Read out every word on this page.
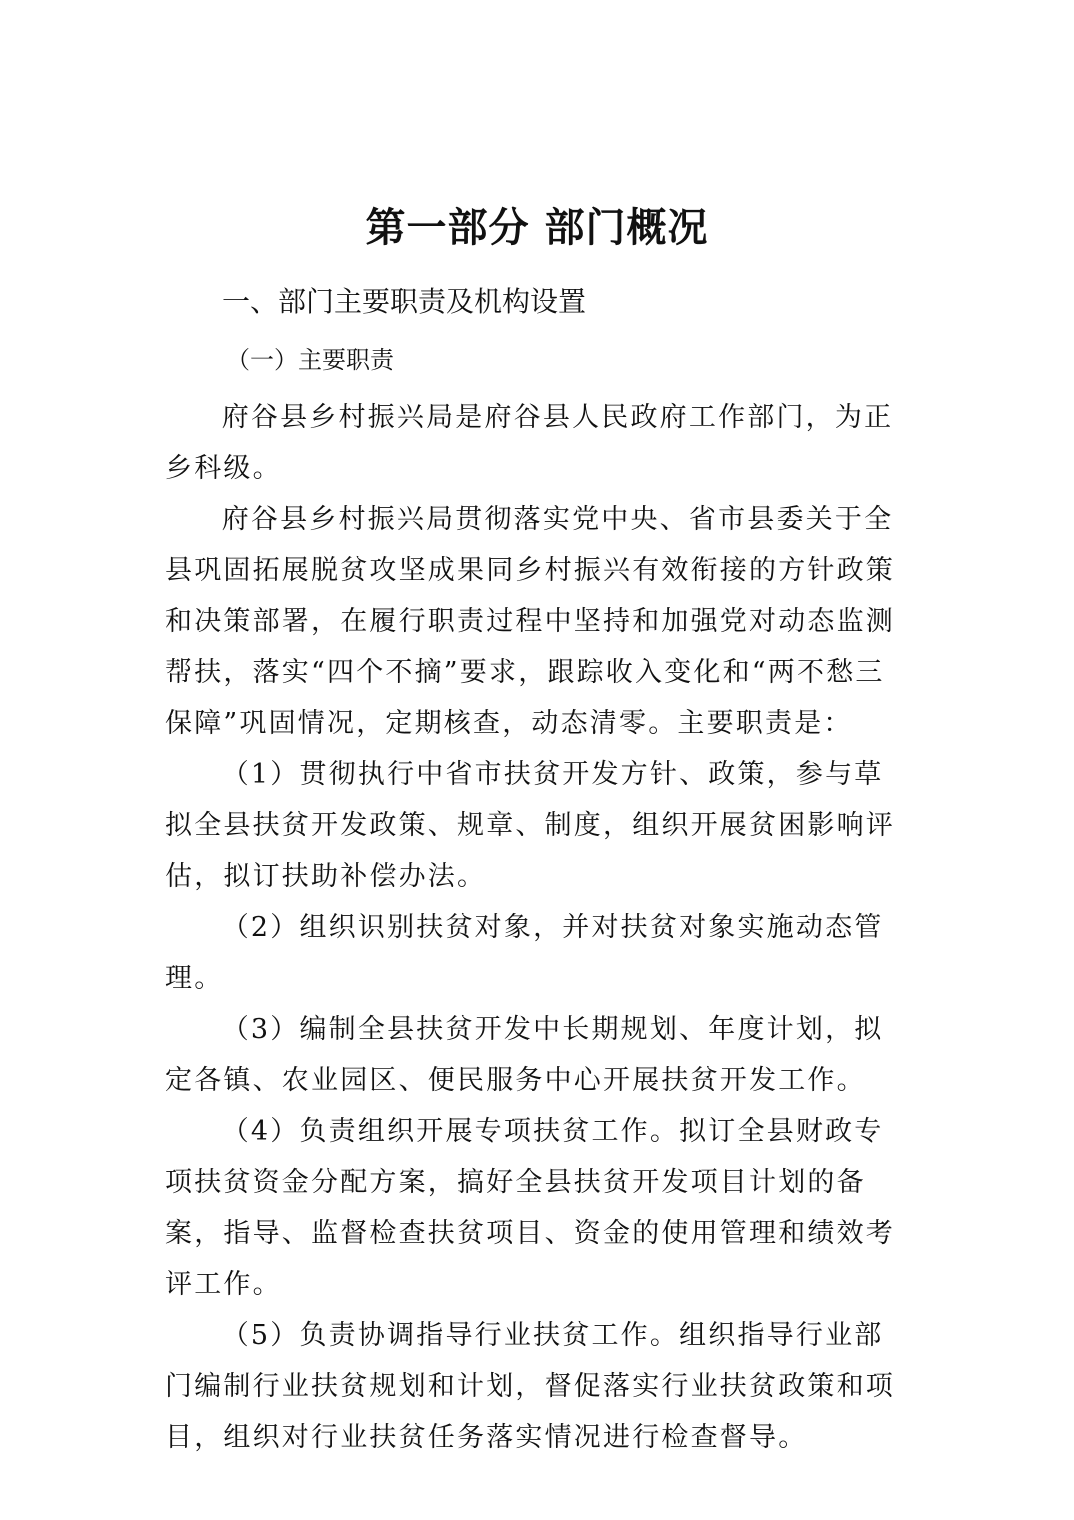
第一部分 部门概况
一、部门主要职责及机构设置
（一）主要职责

府谷县乡村振兴局是府谷县人民政府工作部门，为正乡科级。

府谷县乡村振兴局贯彻落实党中央、省市县委关于全县巩固拓展脱贫攻坚成果同乡村振兴有效衔接的方针政策和决策部署，在履行职责过程中坚持和加强党对动态监测帮扶，落实“四个不摘”要求，跟踪收入变化和“两不愁三保障”巩固情况，定期核查，动态清零。主要职责是：

（1）贯彻执行中省市扶贫开发方针、政策，参与草拟全县扶贫开发政策、规章、制度，组织开展贫困影响评估，拟订扶助补偿办法。

（2）组织识别扶贫对象，并对扶贫对象实施动态管理。

（3）编制全县扶贫开发中长期规划、年度计划，拟定各镇、农业园区、便民服务中心开展扶贫开发工作。

（4）负责组织开展专项扶贫工作。拟订全县财政专项扶贫资金分配方案，搞好全县扶贫开发项目计划的备案，指导、监督检查扶贫项目、资金的使用管理和绩效考评工作。

（5）负责协调指导行业扶贫工作。组织指导行业部门编制行业扶贫规划和计划，督促落实行业扶贫政策和项目，组织对行业扶贫任务落实情况进行检查督导。
